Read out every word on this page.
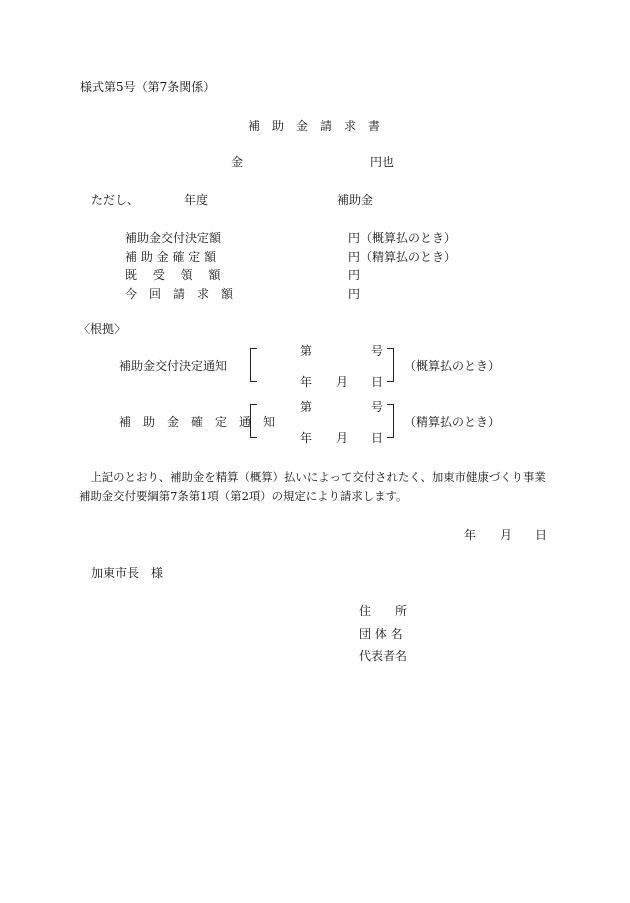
様式第5号（第7条関係）
補　助　金　請　求　書
金	円也
ただし、	年度	補助金
補助金交付決定額	円（概算払のとき）
補 助 金 確 定 額	円（精算払のとき）
既　 受　 領　 額	円
今　回　請　求　額	円
〈根拠〉
補助金交付決定通知
第	号
年 月 日
（概算払のとき）
補　助　金　確　定　通　知
第	号
年 月 日
（精算払のとき）
　上記のとおり、補助金を精算（概算）払いによって交付されたく、加東市健康づくり事業
補助金交付要綱第7条第1項（第2項）の規定により請求します。
年 月 日
加東市長　様
住　　所
団 体 名
代表者名
